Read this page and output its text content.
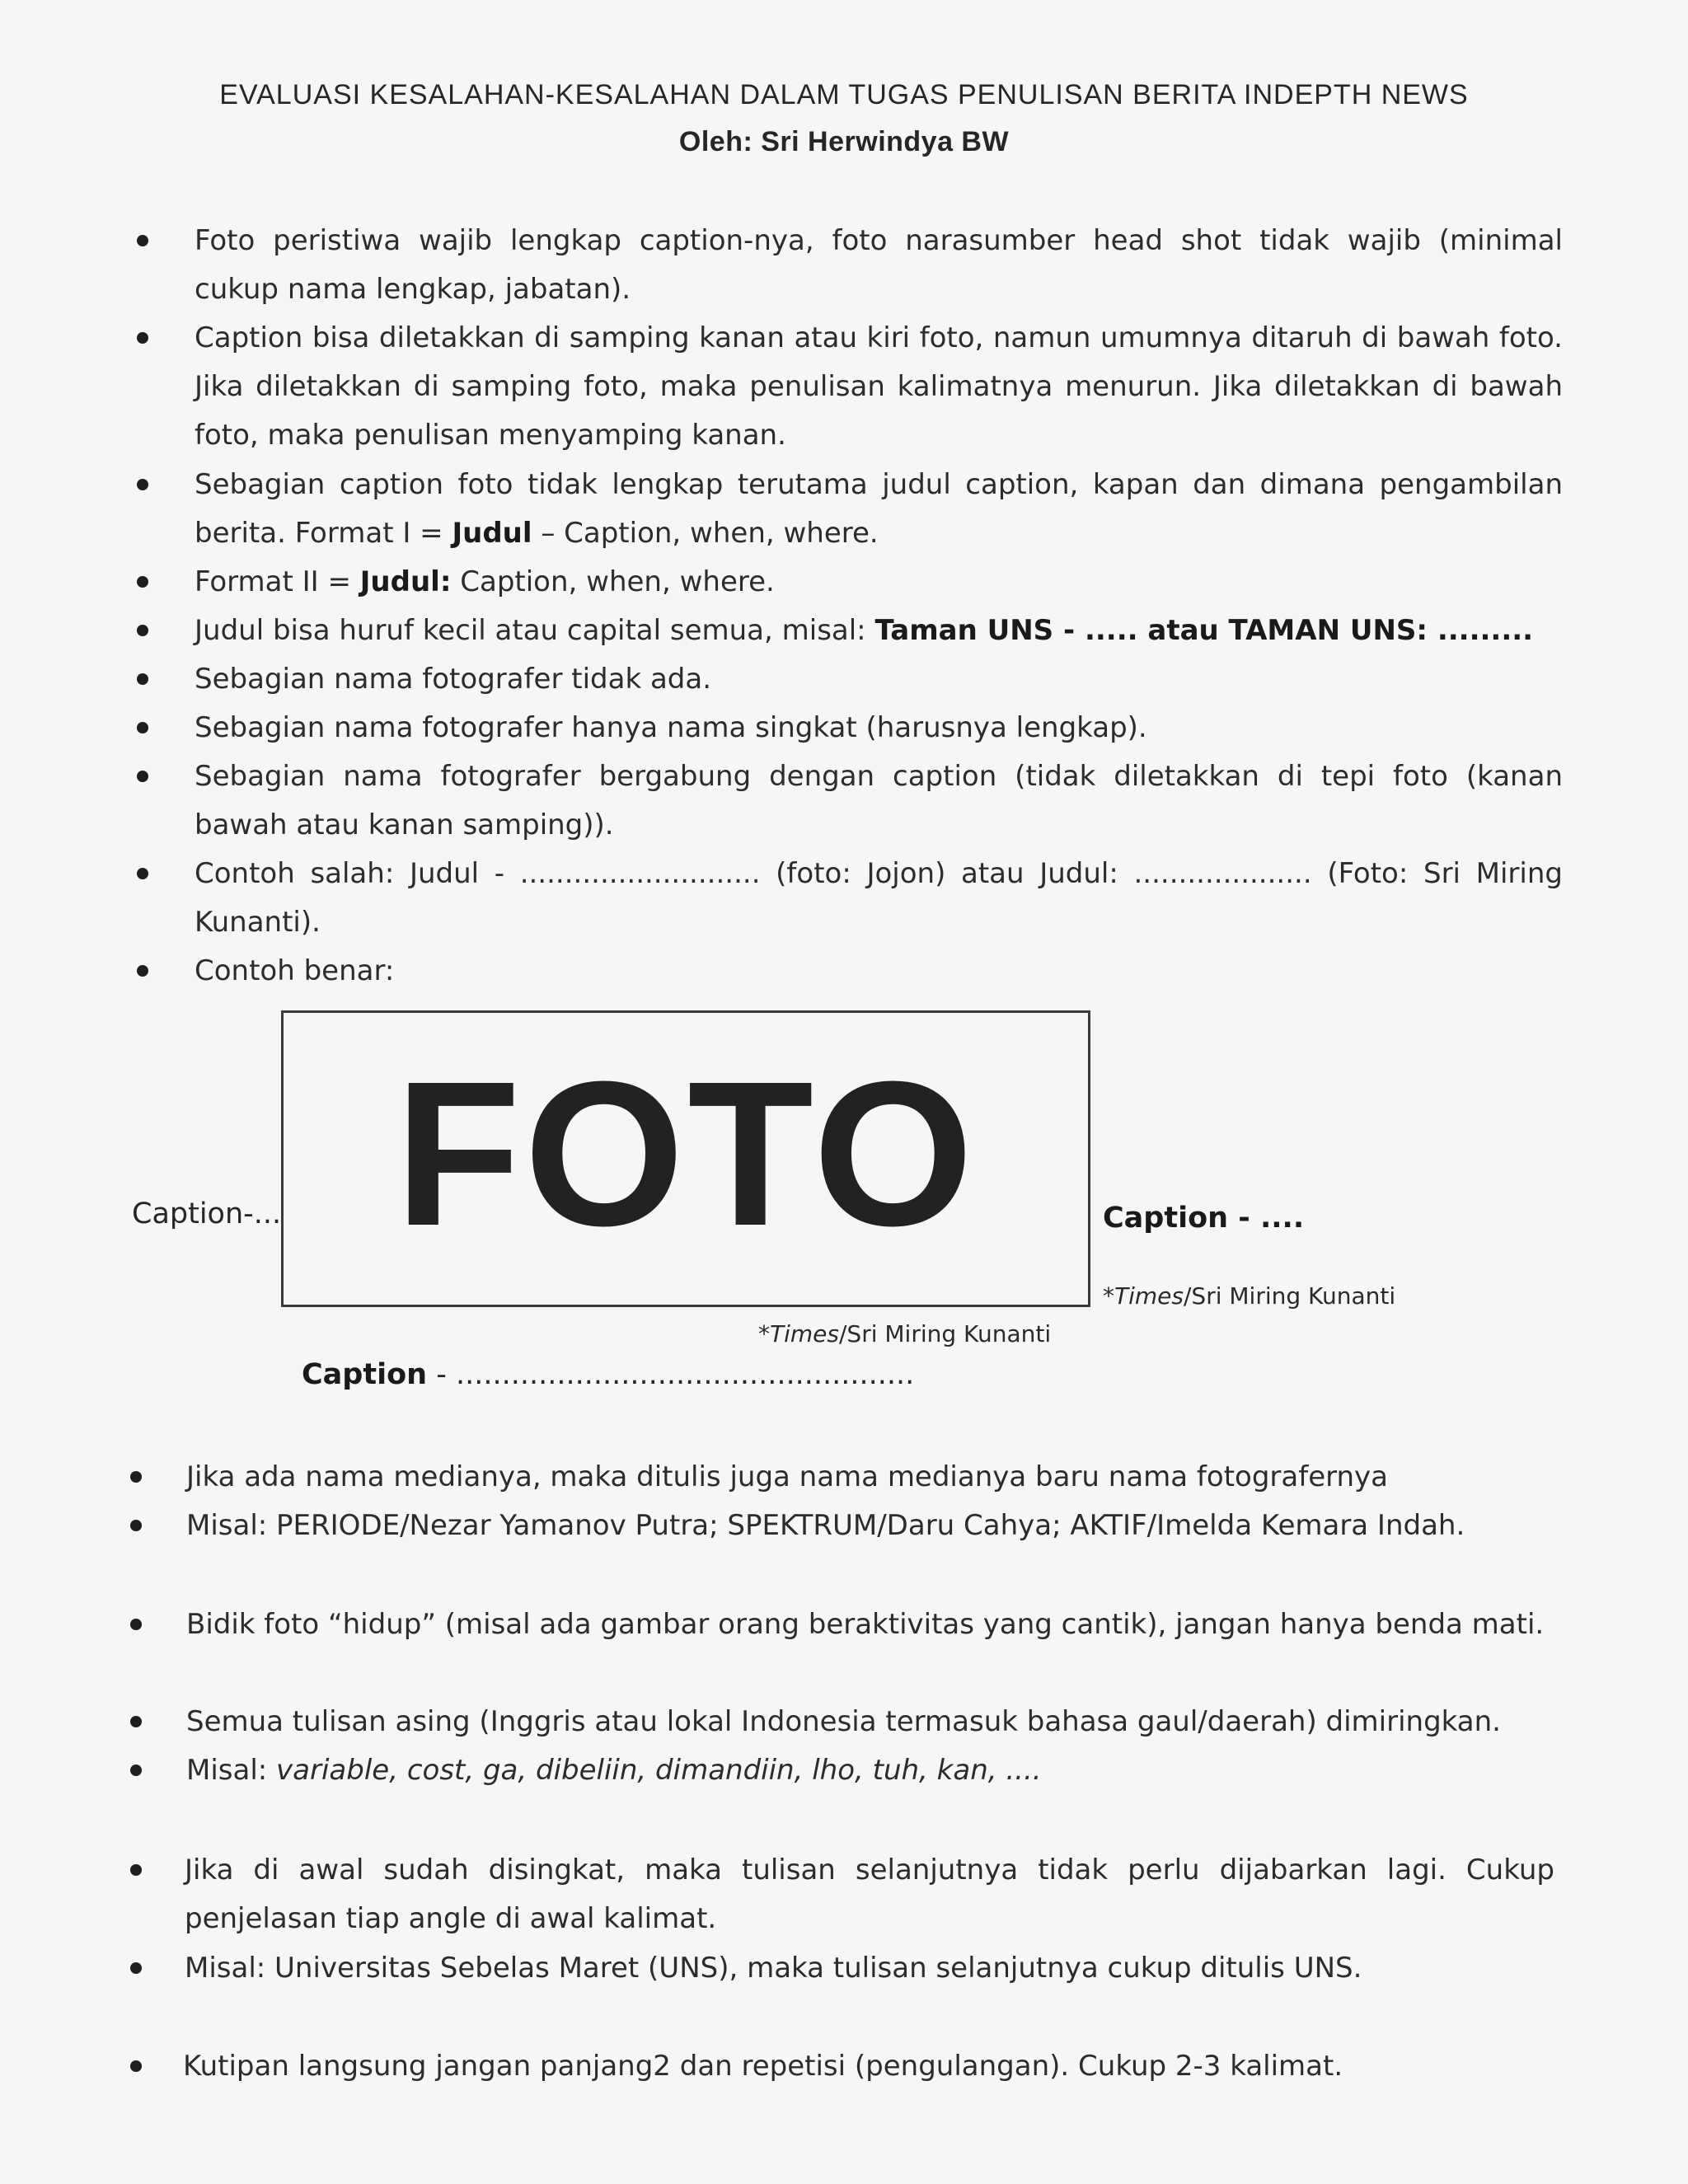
EVALUASI KESALAHAN-KESALAHAN DALAM TUGAS PENULISAN BERITA INDEPTH NEWS
Oleh: Sri Herwindya BW
Foto peristiwa wajib lengkap caption-nya, foto narasumber head shot tidak wajib (minimal
cukup nama lengkap, jabatan).
Caption bisa diletakkan di samping kanan atau kiri foto, namun umumnya ditaruh di bawah foto.
Jika diletakkan di samping foto, maka penulisan kalimatnya menurun. Jika diletakkan di bawah
foto, maka penulisan menyamping kanan.
Sebagian caption foto tidak lengkap terutama judul caption, kapan dan dimana pengambilan
berita. Format I = Judul – Caption, when, where.
Format II = Judul: Caption, when, where.
Judul bisa huruf kecil atau capital semua, misal: Taman UNS - ..... atau TAMAN UNS: .........
Sebagian nama fotografer tidak ada.
Sebagian nama fotografer hanya nama singkat (harusnya lengkap).
Sebagian nama fotografer bergabung dengan caption (tidak diletakkan di tepi foto (kanan
bawah atau kanan samping)).
Contoh salah: Judul - ........................... (foto: Jojon) atau Judul: .................... (Foto: Sri Miring
Kunanti).
Contoh benar:
FOTO
Caption-...	Caption - ....
*Times/Sri Miring Kunanti
*Times/Sri Miring Kunanti
Caption - ..................................................
Jika ada nama medianya, maka ditulis juga nama medianya baru nama fotografernya
Misal: PERIODE/Nezar Yamanov Putra; SPEKTRUM/Daru Cahya; AKTIF/Imelda Kemara Indah.
Bidik foto “hidup” (misal ada gambar orang beraktivitas yang cantik), jangan hanya benda mati.
Semua tulisan asing (Inggris atau lokal Indonesia termasuk bahasa gaul/daerah) dimiringkan.
Misal: variable, cost, ga, dibeliin, dimandiin, lho, tuh, kan, ....
Jika di awal sudah disingkat, maka tulisan selanjutnya tidak perlu dijabarkan lagi. Cukup
penjelasan tiap angle di awal kalimat.
Misal: Universitas Sebelas Maret (UNS), maka tulisan selanjutnya cukup ditulis UNS.
Kutipan langsung jangan panjang2 dan repetisi (pengulangan). Cukup 2-3 kalimat.
